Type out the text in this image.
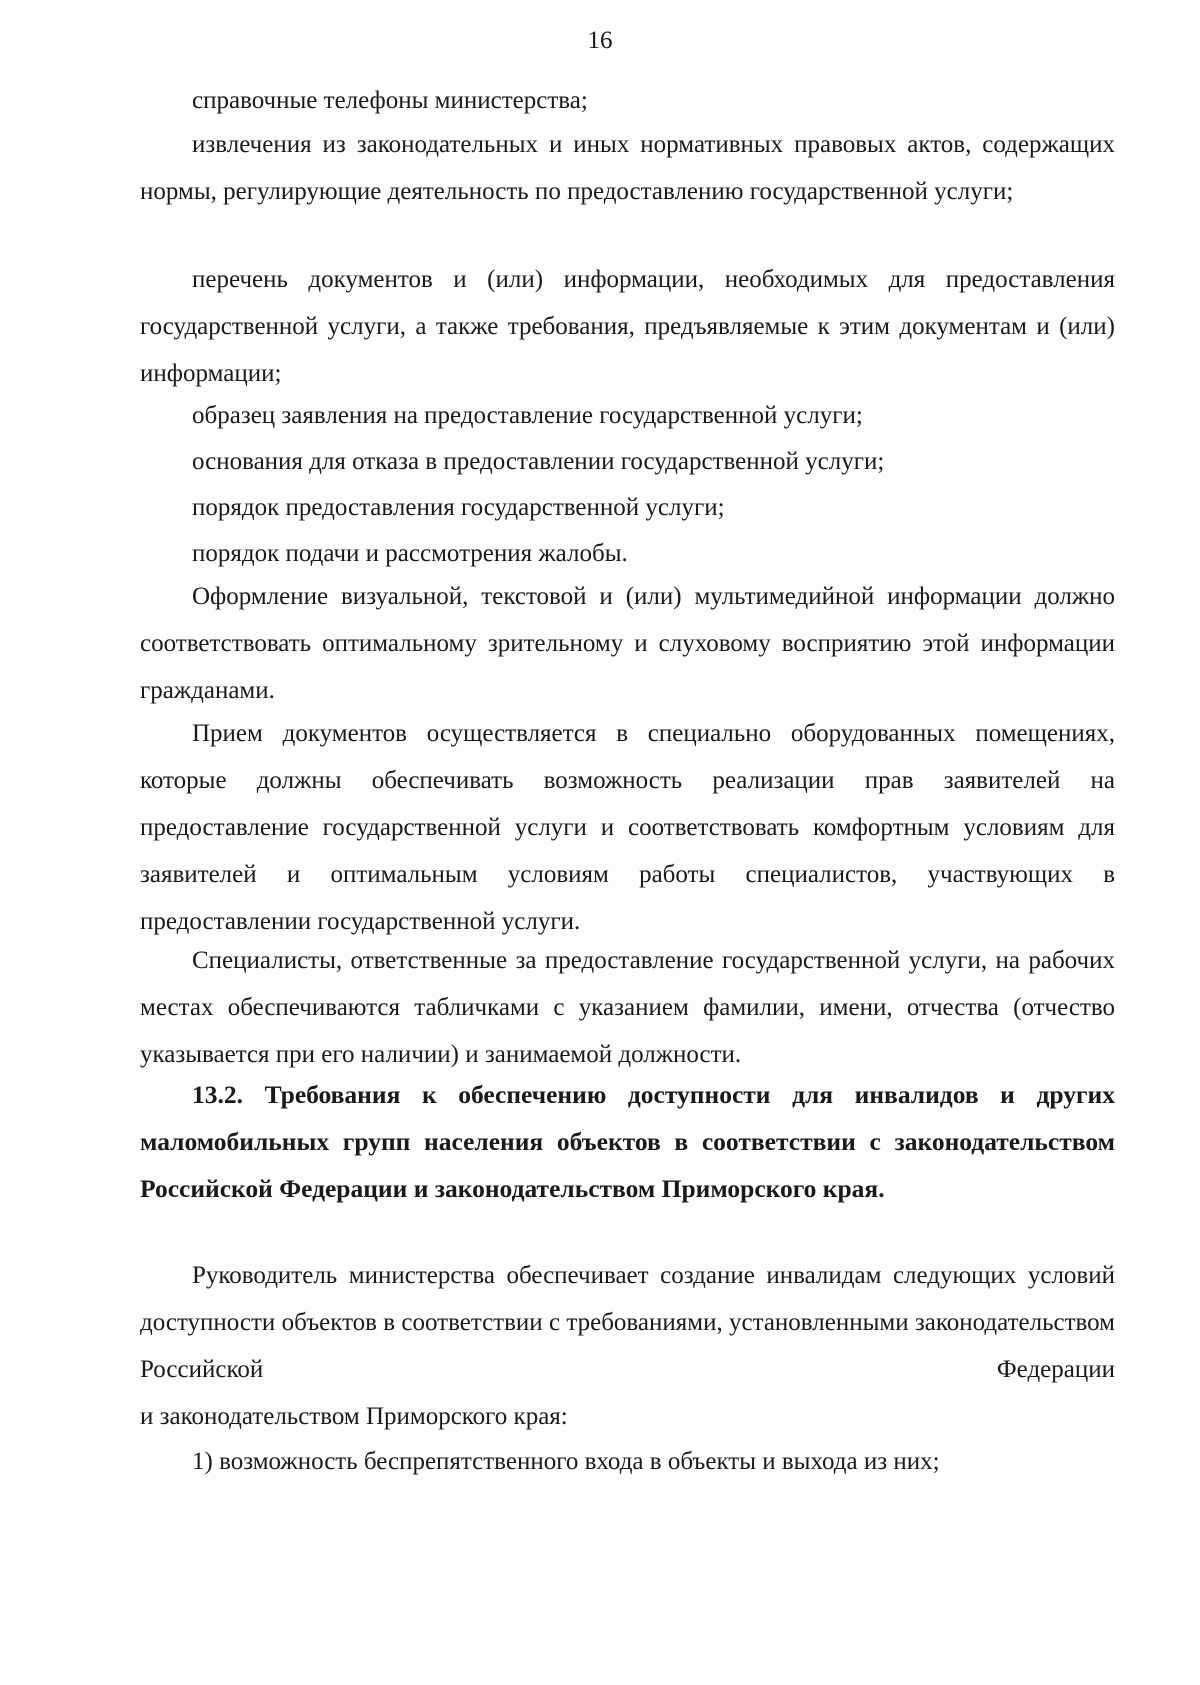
16

справочные телефоны министерства;

извлечения из законодательных и иных нормативных правовых актов, содержащих нормы, регулирующие деятельность по предоставлению государственной услуги;

перечень документов и (или) информации, необходимых для предоставления государственной услуги, а также требования, предъявляемые к этим документам и (или) информации;

образец заявления на предоставление государственной услуги;

основания для отказа в предоставлении государственной услуги;

порядок предоставления государственной услуги;

порядок подачи и рассмотрения жалобы.

Оформление визуальной, текстовой и (или) мультимедийной информации должно соответствовать оптимальному зрительному и слуховому восприятию этой информации гражданами.

Прием документов осуществляется в специально оборудованных помещениях, которые должны обеспечивать возможность реализации прав заявителей на предоставление государственной услуги и соответствовать комфортным условиям для заявителей и оптимальным условиям работы специалистов, участвующих в предоставлении государственной услуги.

Специалисты, ответственные за предоставление государственной услуги, на рабочих местах обеспечиваются табличками с указанием фамилии, имени, отчества (отчество указывается при его наличии) и занимаемой должности.

13.2. Требования к обеспечению доступности для инвалидов и других маломобильных групп населения объектов в соответствии с законодательством Российской Федерации и законодательством Приморского края.

Руководитель министерства обеспечивает создание инвалидам следующих условий доступности объектов в соответствии с требованиями, установленными законодательством Российской Федерации

и законодательством Приморского края:

1) возможность беспрепятственного входа в объекты и выхода из них;
